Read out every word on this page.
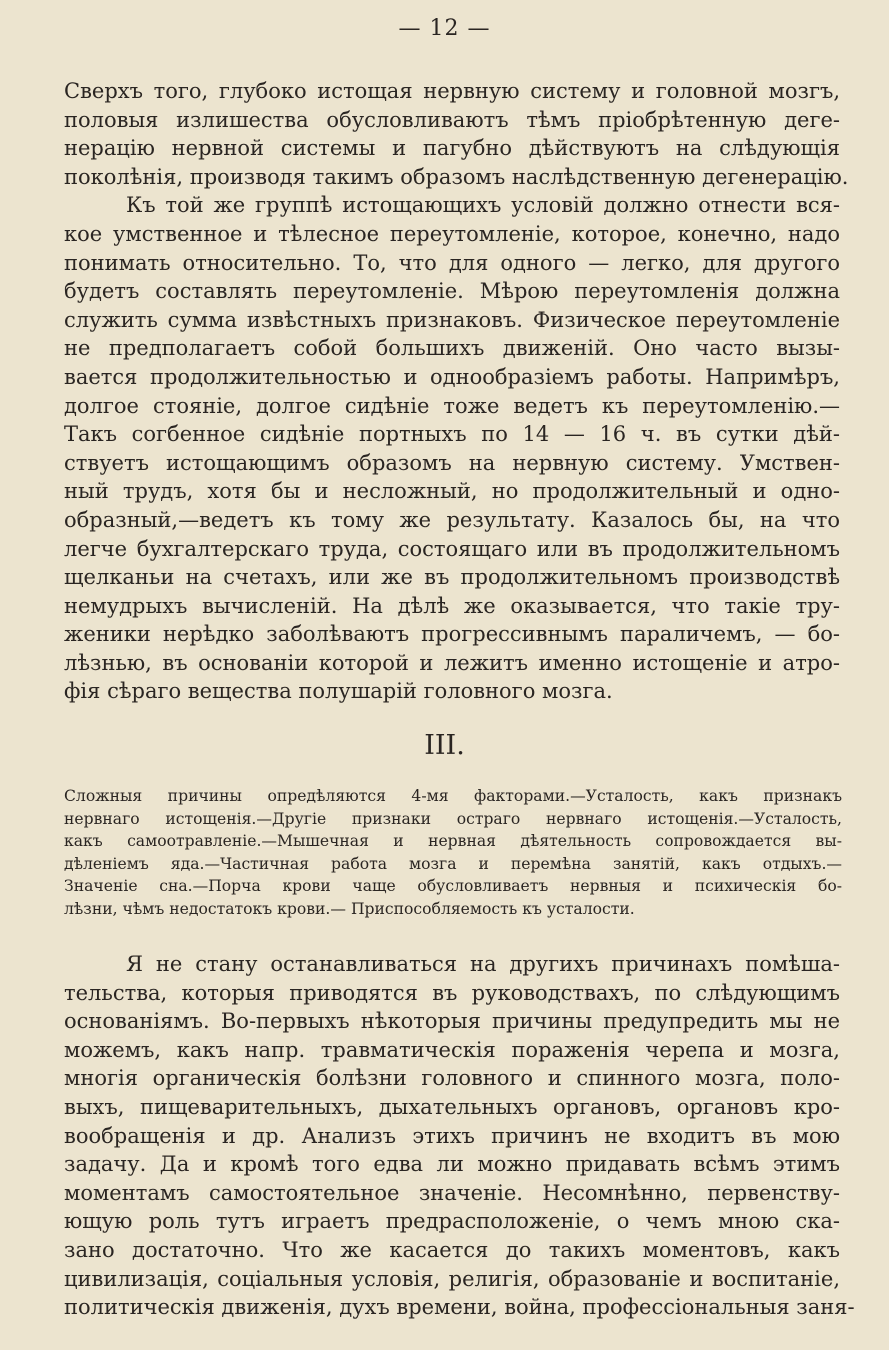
— 12 —
Сверхъ того, глубоко истощая нервную систему и головной мозгъ,
половыя излишества обусловливаютъ тѣмъ пріобрѣтенную деге-
нерацію нервной системы и пагубно дѣйствуютъ на слѣдующія
поколѣнія, производя такимъ образомъ наслѣдственную дегенерацію.
Къ той же группѣ истощающихъ условій должно отнести вся-
кое умственное и тѣлесное переутомленіе, которое, конечно, надо
понимать относительно. То, что для одного — легко, для другого
будетъ составлять переутомленіе. Мѣрою переутомленія должна
служить сумма извѣстныхъ признаковъ. Физическое переутомленіе
не предполагаетъ собой большихъ движеній. Оно часто вызы-
вается продолжительностью и однообразіемъ работы. Напримѣръ,
долгое стояніе, долгое сидѣніе тоже ведетъ къ переутомленію.—
Такъ согбенное сидѣніе портныхъ по 14 — 16 ч. въ сутки дѣй-
ствуетъ истощающимъ образомъ на нервную систему. Умствен-
ный трудъ, хотя бы и несложный, но продолжительный и одно-
образный,—ведетъ къ тому же результату. Казалось бы, на что
легче бухгалтерскаго труда, состоящаго или въ продолжительномъ
щелканьи на счетахъ, или же въ продолжительномъ производствѣ
немудрыхъ вычисленій. На дѣлѣ же оказывается, что такіе тру-
женики нерѣдко заболѣваютъ прогрессивнымъ параличемъ, — бо-
лѣзнью, въ основаніи которой и лежитъ именно истощеніе и атро-
фія сѣраго вещества полушарій головного мозга.
III.
Сложныя причины опредѣляются 4-мя факторами.—Усталость, какъ признакъ
нервнаго истощенія.—Другіе признаки остраго нервнаго истощенія.—Усталость,
какъ самоотравленіе.—Мышечная и нервная дѣятельность сопровождается вы-
дѣленіемъ яда.—Частичная работа мозга и перемѣна занятій, какъ отдыхъ.—
Значеніе сна.—Порча крови чаще обусловливаетъ нервныя и психическія бо-
лѣзни, чѣмъ недостатокъ крови.— Приспособляемость къ усталости.
Я не стану останавливаться на другихъ причинахъ помѣша-
тельства, которыя приводятся въ руководствахъ, по слѣдующимъ
основаніямъ. Во-первыхъ нѣкоторыя причины предупредить мы не
можемъ, какъ напр. травматическія пораженія черепа и мозга,
многія органическія болѣзни головного и спинного мозга, поло-
выхъ, пищеварительныхъ, дыхательныхъ органовъ, органовъ кро-
вообращенія и др. Анализъ этихъ причинъ не входитъ въ мою
задачу. Да и кромѣ того едва ли можно придавать всѣмъ этимъ
моментамъ самостоятельное значеніе. Несомнѣнно, первенству-
ющую роль тутъ играетъ предрасположеніе, о чемъ мною ска-
зано достаточно. Что же касается до такихъ моментовъ, какъ
цивилизація, соціальныя условія, религія, образованіе и воспитаніе,
политическія движенія, духъ времени, война, профессіональныя заня-
